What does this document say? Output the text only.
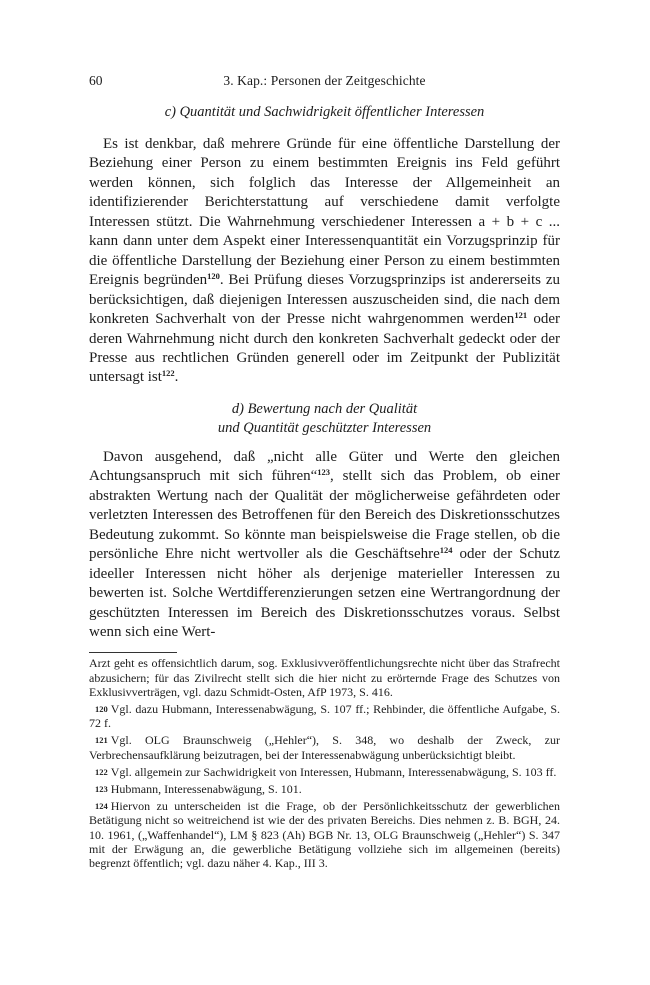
60	3. Kap.: Personen der Zeitgeschichte
c) Quantität und Sachwidrigkeit öffentlicher Interessen

Es ist denkbar, daß mehrere Gründe für eine öffentliche Darstellung der Beziehung einer Person zu einem bestimmten Ereignis ins Feld geführt werden können, sich folglich das Interesse der Allgemeinheit an identifizierender Berichterstattung auf verschiedene damit verfolgte Interessen stützt. Die Wahrnehmung verschiedener Interessen a + b + c ... kann dann unter dem Aspekt einer Interessenquantität ein Vorzugsprinzip für die öffentliche Darstellung der Beziehung einer Person zu einem bestimmten Ereignis begründen$^{120}$. Bei Prüfung dieses Vorzugsprinzips ist andererseits zu berücksichtigen, daß diejenigen Interessen auszuscheiden sind, die nach dem konkreten Sachverhalt von der Presse nicht wahrgenommen werden$^{121}$ oder deren Wahrnehmung nicht durch den konkreten Sachverhalt gedeckt oder der Presse aus rechtlichen Gründen generell oder im Zeitpunkt der Publizität untersagt ist$^{122}$.

d) Bewertung nach der Qualität
und Quantität geschützter Interessen

Davon ausgehend, daß „nicht alle Güter und Werte den gleichen Achtungsanspruch mit sich führen“$^{123}$, stellt sich das Problem, ob einer abstrakten Wertung nach der Qualität der möglicherweise gefährdeten oder verletzten Interessen des Betroffenen für den Bereich des Diskretionsschutzes Bedeutung zukommt. So könnte man beispielsweise die Frage stellen, ob die persönliche Ehre nicht wertvoller als die Geschäftsehre$^{124}$ oder der Schutz ideeller Interessen nicht höher als derjenige materieller Interessen zu bewerten ist. Solche Wertdifferenzierungen setzen eine Wertrangordnung der geschützten Interessen im Bereich des Diskretionsschutzes voraus. Selbst wenn sich eine Wert-

Arzt geht es offensichtlich darum, sog. Exklusivveröffentlichungsrechte nicht über das Strafrecht abzusichern; für das Zivilrecht stellt sich die hier nicht zu erörternde Frage des Schutzes von Exklusivverträgen, vgl. dazu Schmidt-Osten, AfP 1973, S. 416.

120 Vgl. dazu Hubmann, Interessenabwägung, S. 107 ff.; Rehbinder, die öffentliche Aufgabe, S. 72 f.

121 Vgl. OLG Braunschweig („Hehler“), S. 348, wo deshalb der Zweck, zur Verbrechensaufklärung beizutragen, bei der Interessenabwägung unberücksichtigt bleibt.

122 Vgl. allgemein zur Sachwidrigkeit von Interessen, Hubmann, Interessenabwägung, S. 103 ff.

123 Hubmann, Interessenabwägung, S. 101.

124 Hiervon zu unterscheiden ist die Frage, ob der Persönlichkeitsschutz der gewerblichen Betätigung nicht so weitreichend ist wie der des privaten Bereichs. Dies nehmen z. B. BGH, 24. 10. 1961, („Waffenhandel“), LM § 823 (Ah) BGB Nr. 13, OLG Braunschweig („Hehler“) S. 347 mit der Erwägung an, die gewerbliche Betätigung vollziehe sich im allgemeinen (bereits) begrenzt öffentlich; vgl. dazu näher 4. Kap., III 3.
